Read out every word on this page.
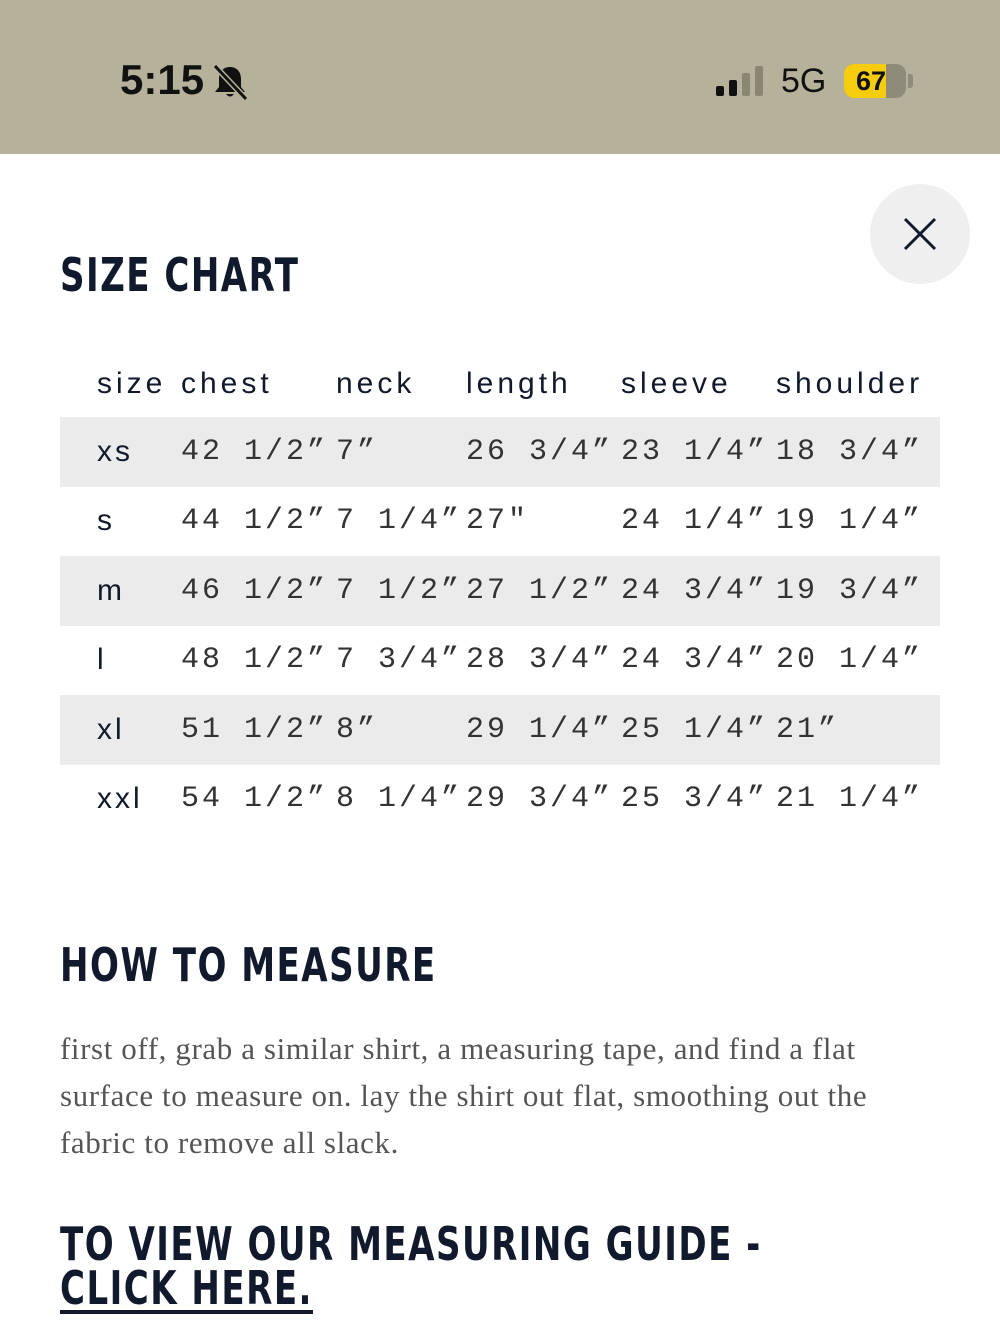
5:15	5G	67
SIZE CHART
size chest neck length sleeve shoulder
xs 42 1/2” 7”	26 3/4” 23 1/4” 18 3/4”
s 44 1/2” 7 1/4” 27"	24 1/4” 19 1/4”
m 46 1/2” 7 1/2” 27 1/2” 24 3/4” 19 3/4”
l 48 1/2” 7 3/4” 28 3/4” 24 3/4” 20 1/4”
xl 51 1/2” 8”	29 1/4” 25 1/4” 21”
xxl 54 1/2” 8 1/4” 29 3/4” 25 3/4” 21 1/4”
HOW TO MEASURE

first off, grab a similar shirt, a measuring tape, and find a flat surface to measure on. lay the shirt out flat, smoothing out the fabric to remove all slack.

TO VIEW OUR MEASURING GUIDE -
CLICK HERE.
